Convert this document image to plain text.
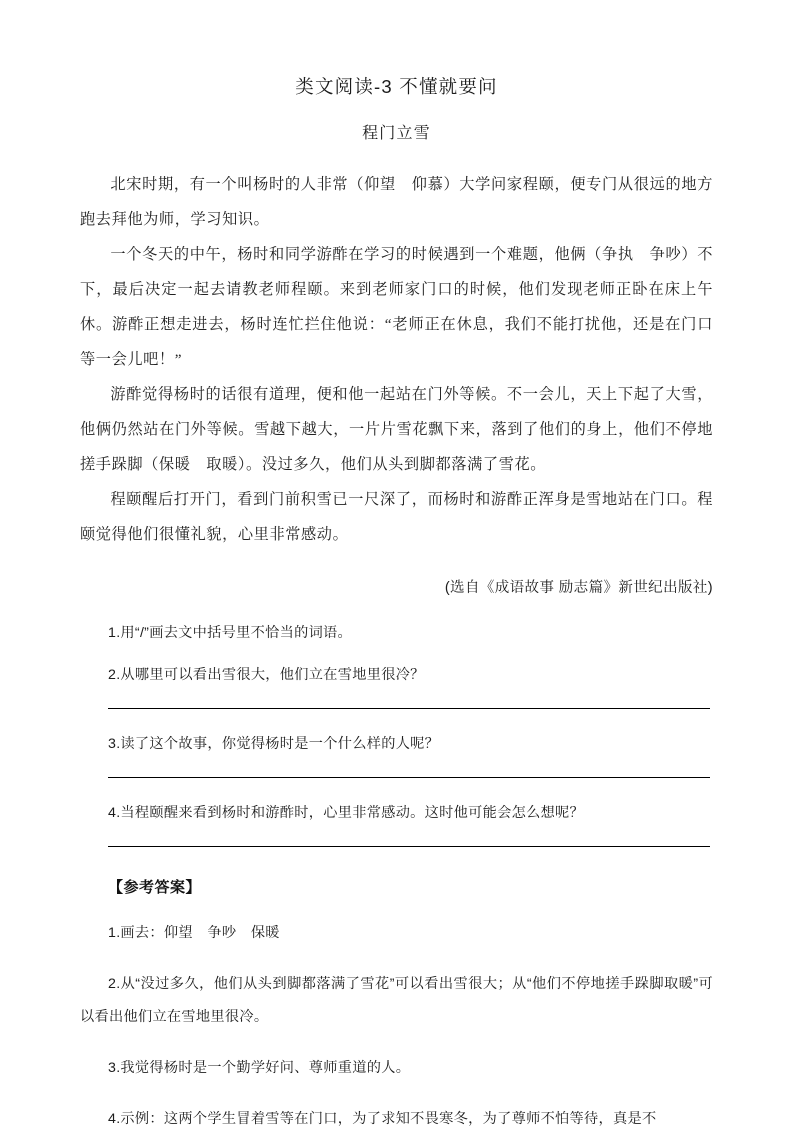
类文阅读-3 不懂就要问
程门立雪

北宋时期，有一个叫杨时的人非常（仰望　仰慕）大学问家程颐，便专门从很远的地方跑去拜他为师，学习知识。

一个冬天的中午，杨时和同学游酢在学习的时候遇到一个难题，他俩（争执　争吵）不下，最后决定一起去请教老师程颐。来到老师家门口的时候，他们发现老师正卧在床上午休。游酢正想走进去，杨时连忙拦住他说：“老师正在休息，我们不能打扰他，还是在门口等一会儿吧！”

游酢觉得杨时的话很有道理，便和他一起站在门外等候。不一会儿，天上下起了大雪，他俩仍然站在门外等候。雪越下越大，一片片雪花飘下来，落到了他们的身上，他们不停地搓手跺脚（保暖　取暖）。没过多久，他们从头到脚都落满了雪花。

程颐醒后打开门，看到门前积雪已一尺深了，而杨时和游酢正浑身是雪地站在门口。程颐觉得他们很懂礼貌，心里非常感动。

(选自《成语故事 励志篇》新世纪出版社)

1.用“/”画去文中括号里不恰当的词语。

2.从哪里可以看出雪很大，他们立在雪地里很冷？

3.读了这个故事，你觉得杨时是一个什么样的人呢？

4.当程颐醒来看到杨时和游酢时，心里非常感动。这时他可能会怎么想呢？

【参考答案】

1.画去：仰望　争吵　保暖

2.从“没过多久，他们从头到脚都落满了雪花”可以看出雪很大；从“他们不停地搓手跺脚取暖”可以看出他们立在雪地里很冷。

3.我觉得杨时是一个勤学好问、尊师重道的人。

4.示例：这两个学生冒着雪等在门口，为了求知不畏寒冬，为了尊师不怕等待，真是不
